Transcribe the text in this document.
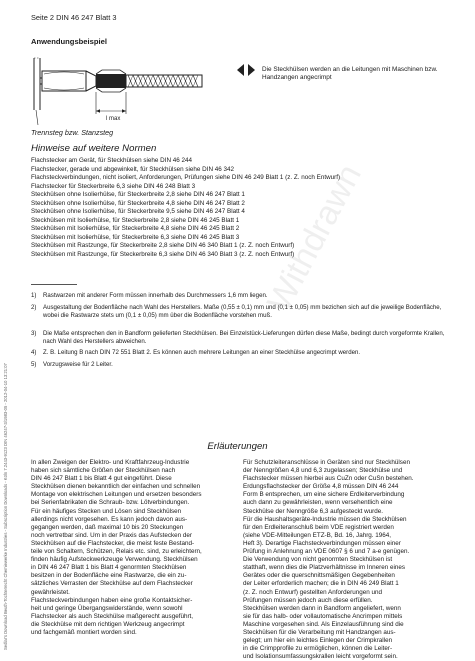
Sedlar's Download Beuth-Tochterrecht Chemiewerke Industries - Subscription Downloads - Köln 7.2443-9123 DIN 46247-3/1983-05 - 2012-04-10 13:21:07
Withdrawn
Seite 2 DIN 46 247 Blatt 3
Anwendungsbeispiel
l max
Die Steckhülsen werden an die Leitungen mit Maschinen bzw. Handzangen angecrimpt
Trennsteg bzw. Stanzsteg
Hinweise auf weitere Normen
Flachstecker am Gerät, für Steckhülsen siehe DIN 46 244
Flachstecker, gerade und abgewinkelt, für Steckhülsen siehe DIN 46 342
Flachsteckverbindungen, nicht isoliert, Anforderungen, Prüfungen siehe DIN 46 249 Blatt 1 (z. Z. noch Entwurf)
Flachstecker für Steckerbreite 6,3 siehe DIN 46 248 Blatt 3
Steckhülsen ohne Isolierhülse, für Steckerbreite 2,8 siehe DIN 46 247 Blatt 1
Steckhülsen ohne Isolierhülse, für Steckerbreite 4,8 siehe DIN 46 247 Blatt 2
Steckhülsen ohne Isolierhülse, für Steckerbreite 9,5 siehe DIN 46 247 Blatt 4
Steckhülsen mit Isolierhülse, für Steckerbreite 2,8 siehe DIN 46 245 Blatt 1
Steckhülsen mit Isolierhülse, für Steckerbreite 4,8 siehe DIN 46 245 Blatt 2
Steckhülsen mit Isolierhülse, für Steckerbreite 6,3 siehe DIN 46 245 Blatt 3
Steckhülsen mit Rastzunge, für Steckerbreite 2,8 siehe DIN 46 340 Blatt 1 (z. Z. noch Entwurf)
Steckhülsen mit Rastzunge, für Steckerbreite 6,3 siehe DIN 46 340 Blatt 3 (z. Z. noch Entwurf)
1) Rastwarzen mit anderer Form müssen innerhalb des Durchmessers 1,6 mm liegen.
2) Ausgestaltung der Bodenfläche nach Wahl des Herstellers. Maße (0,55 ± 0,1) mm und (0,1 ± 0,05) mm bezichen sich auf die jeweilige Bodenfläche, wobei die Rastwarze stets um (0,1 ± 0,05) mm über die Bodenfläche vorstehen muß.
3) Die Maße entsprechen den in Bandform gelieferten Steckhülsen. Bei Einzelstück-Lieferungen dürfen diese Maße, bedingt durch vorgeformte Krallen, nach Wahl des Herstellers abweichen.
4) Z. B. Leitung B nach DIN 72 551 Blatt 2. Es können auch mehrere Leitungen an einer Steckhülse angecrimpt werden.
5) Vorzugsweise für 2 Leiter.
Erläuterungen
In allen Zweigen der Elektro- und Kraftfahrzeug-Industrie
haben sich sämtliche Größen der Steckhülsen nach
DIN 46 247 Blatt 1 bis Blatt 4 gut eingeführt. Diese
Steckhülsen dienen bekanntlich der einfachen und schnellen
Montage von elektrischen Leitungen und ersetzen besonders
bei Serienfabrikaten die Schraub- bzw. Lötverbindungen.
Für ein häufiges Stecken und Lösen sind Steckhülsen
allerdings nicht vorgesehen. Es kann jedoch davon aus-
gegangen werden, daß maximal 10 bis 20 Steckungen
noch vertretbar sind. Um in der Praxis das Aufstecken der
Steckhülsen auf die Flachstecker, die meist feste Bestand-
teile von Schaltern, Schützen, Relais etc. sind, zu erleichtern,
finden häufig Aufsteckwerkzeuge Verwendung. Steckhülsen
in DIN 46 247 Blatt 1 bis Blatt 4 genormten Steckhülsen
besitzen in der Bodenfläche eine Rastwarze, die ein zu-
sätzliches Verrasten der Steckhülse auf dem Flachstecker
gewährleistet.
Flachsteckverbindungen haben eine große Kontaktsicher-
heit und geringe Übergangswiderstände, wenn sowohl
Flachstecker als auch Steckhülse maßgerecht ausgeführt,
die Steckhülse mit dem richtigen Werkzeug angecrimpt
und fachgemäß montiert worden sind.
Für Schutzleiteranschlüsse in Geräten sind nur Steckhülsen
der Nenngrößen 4,8 und 6,3 zugelassen; Steckhülse und
Flachstecker müssen hierbei aus CuZn oder CuSn bestehen.
Erdungsflachstecker der Größe 4,8 müssen DIN 46 244
Form B entsprechen, um eine sichere Erdleiterverbindung
auch dann zu gewährleisten, wenn versehentlich eine
Steckhülse der Nenngröße 6,3 aufgesteckt wurde.
Für die Haushaltsgeräte-Industrie müssen die Steckhülsen
für den Erdleiteranschluß beim VDE registriert werden
(siehe VDE-Mitteilungen ETZ-B, Bd. 16, Jahrg. 1964,
Heft 3). Derartige Flachsteckverbindungen müssen einer
Prüfung in Anlehnung an VDE 0607 § 6 und 7 a-e genügen.
Die Verwendung von nicht genormten Steckhülsen ist
statthaft, wenn dies die Platzverhältnisse im Inneren eines
Gerätes oder die querschnittsmäßigen Gegebenheiten
der Leiter erforderlich machen; die in DIN 46 249 Blatt 1
(z. Z. noch Entwurf) gestellten Anforderungen und
Prüfungen müssen jedoch auch diese erfüllen.
Steckhülsen werden dann in Bandform angeliefert, wenn
sie für das halb- oder vollautomatische Ancrimpen mittels
Maschine vorgesehen sind. Als Einzelausführung sind die
Steckhülsen für die Verarbeitung mit Handzangen aus-
gelegt; um hier ein leichtes Einlegen der Crimpkrallen
in die Crimpprofile zu ermöglichen, können die Leiter-
und Isolationsumfassungskrallen leicht vorgeformt sein.
